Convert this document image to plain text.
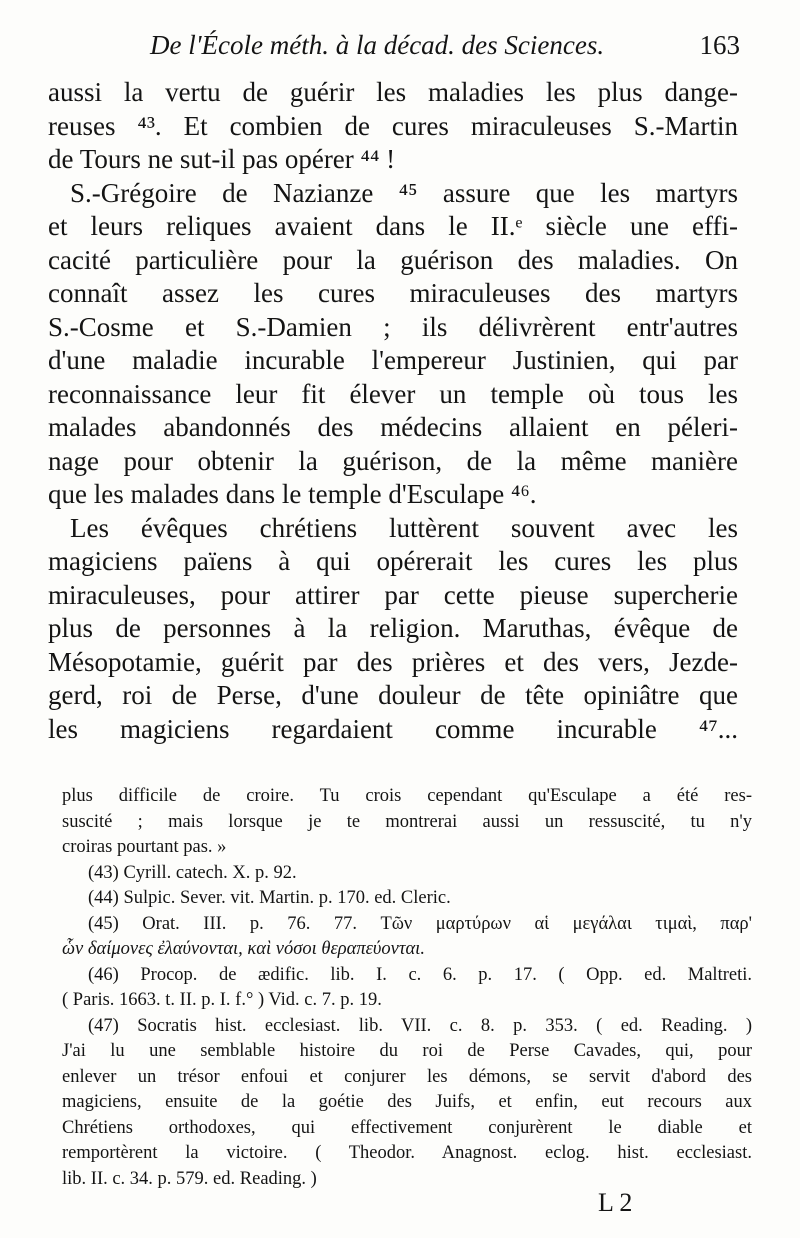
De l'École méth. à la décad. des Sciences.	163
aussi la vertu de guérir les maladies les plus dange-
reuses ⁴³. Et combien de cures miraculeuses S.-Martin
de Tours ne sut-il pas opérer ⁴⁴ !
S.-Grégoire de Nazianze ⁴⁵ assure que les martyrs
et leurs reliques avaient dans le II.ᵉ siècle une effi-
cacité particulière pour la guérison des maladies. On
connaît assez les cures miraculeuses des martyrs
S.-Cosme et S.-Damien ; ils délivrèrent entr'autres
d'une maladie incurable l'empereur Justinien, qui par
reconnaissance leur fit élever un temple où tous les
malades abandonnés des médecins allaient en péleri-
nage pour obtenir la guérison, de la même manière
que les malades dans le temple d'Esculape ⁴⁶.
Les évêques chrétiens luttèrent souvent avec les
magiciens païens à qui opérerait les cures les plus
miraculeuses, pour attirer par cette pieuse supercherie
plus de personnes à la religion. Maruthas, évêque de
Mésopotamie, guérit par des prières et des vers, Jezde-
gerd, roi de Perse, d'une douleur de tête opiniâtre que
les magiciens regardaient comme incurable ⁴⁷...
plus difficile de croire. Tu crois cependant qu'Esculape a été res-
suscité ; mais lorsque je te montrerai aussi un ressuscité, tu n'y
croiras pourtant pas. »
(43) Cyrill. catech. X. p. 92.
(44) Sulpic. Sever. vit. Martin. p. 170. ed. Cleric.
(45) Orat. III. p. 76. 77. Τῶν μαρτύρων αἱ μεγάλαι τιμαὶ, παρ'
ὧν δαίμονες ἐλαύνονται, καὶ νόσοι θεραπεύονται.
(46) Procop. de ædific. lib. I. c. 6. p. 17. ( Opp. ed. Maltreti.
( Paris. 1663. t. II. p. I. f.° ) Vid. c. 7. p. 19.
(47) Socratis hist. ecclesiast. lib. VII. c. 8. p. 353. ( ed. Reading. )
J'ai lu une semblable histoire du roi de Perse Cavades, qui, pour
enlever un trésor enfoui et conjurer les démons, se servit d'abord des
magiciens, ensuite de la goétie des Juifs, et enfin, eut recours aux
Chrétiens orthodoxes, qui effectivement conjurèrent le diable et
remportèrent la victoire. ( Theodor. Anagnost. eclog. hist. ecclesiast.
lib. II. c. 34. p. 579. ed. Reading. )
L 2
